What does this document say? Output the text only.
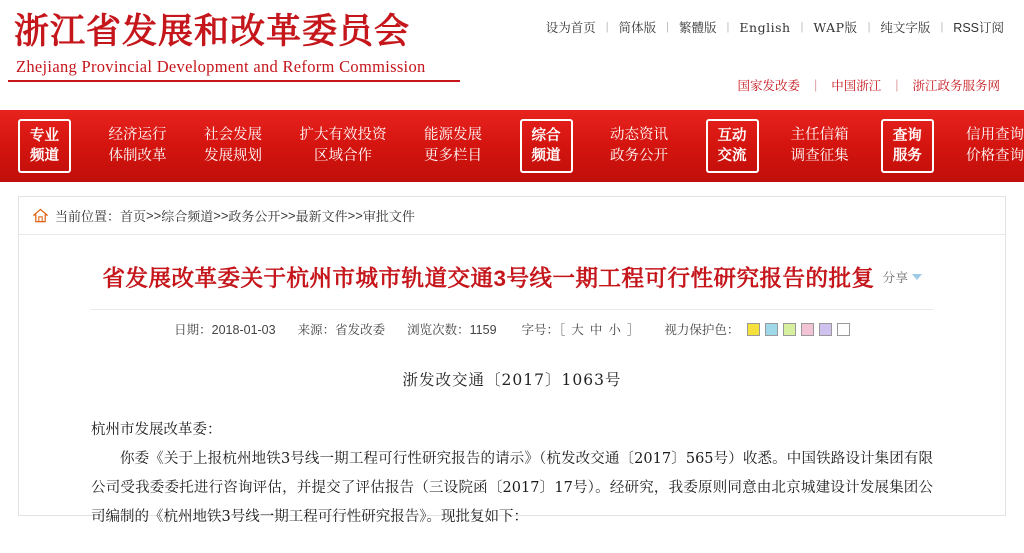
浙江省发展和改革委员会
Zhejiang Provincial Development and Reform Commission
设为首页 | 简体版 | 繁體版 | English | WAP版 | 纯文字版 | RSS订阅
国家发改委	|	中国浙江	|	浙江政务服务网
专业
频道
经济运行
体制改革
社会发展
发展规划
扩大有效投资
区域合作
能源发展
更多栏目
综合
频道
动态资讯
政务公开
互动
交流
主任信箱
调查征集
查询
服务
信用查询
价格查询
当前位置： 首页 >> 综合频道 >> 政务公开 >> 最新文件 >> 审批文件
省发展改革委关于杭州市城市轨道交通3号线一期工程可行性研究报告的批复 分享
日期：2018-01-03 来源：省发改委 浏览次数：1159 字号：［ 大 中 小 ］ 视力保护色：
浙发改交通〔2017〕1063号

杭州市发展改革委：

你委《关于上报杭州地铁3号线一期工程可行性研究报告的请示》（杭发改交通〔2017〕565号）收悉。中国铁路设计集团有限公司受我委委托进行咨询评估，并提交了评估报告（三设院函〔2017〕17号）。经研究，我委原则同意由北京城建设计发展集团公司编制的《杭州地铁3号线一期工程可行性研究报告》。现批复如下：
